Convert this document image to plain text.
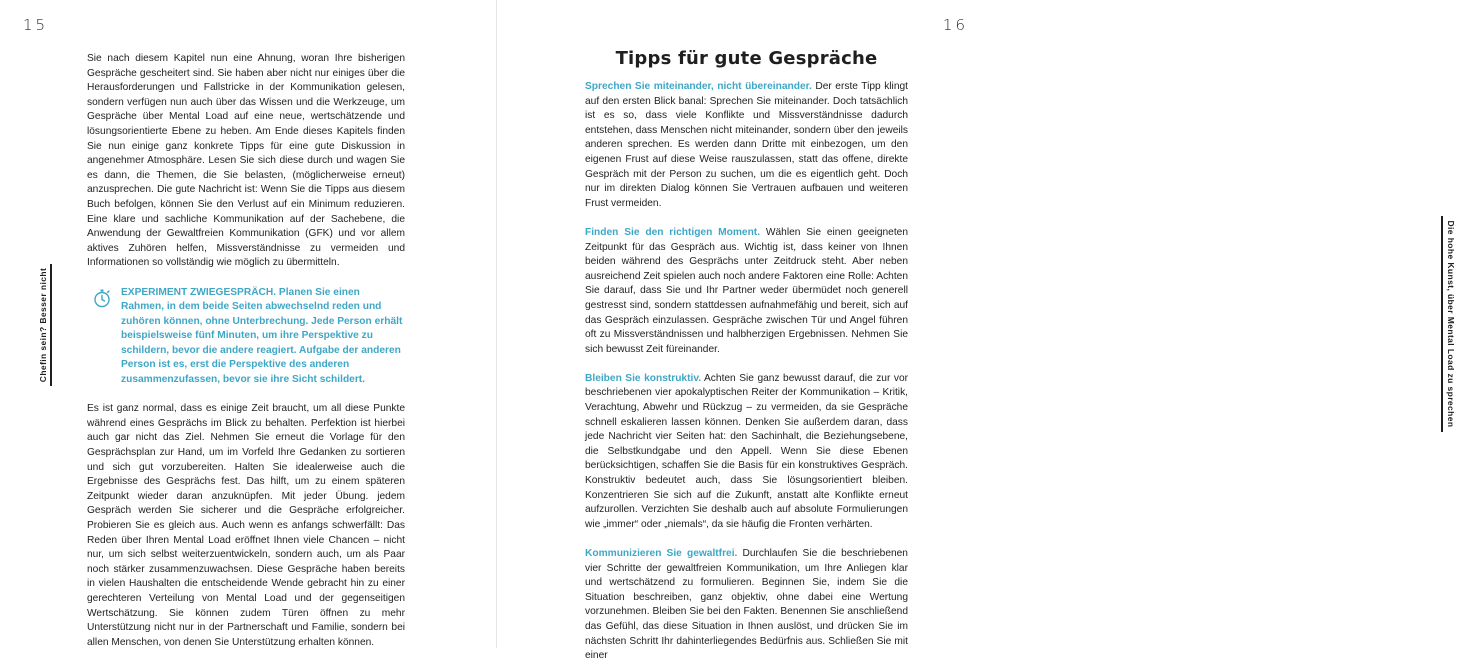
15
Chefin sein? Besser nicht

Sie nach diesem Kapitel nun eine Ahnung, woran Ihre bisherigen Gespräche gescheitert sind. Sie haben aber nicht nur einiges über die Herausforderungen und Fallstricke in der Kommunikation gelesen, sondern verfügen nun auch über das Wissen und die Werkzeuge, um Gespräche über Mental Load auf eine neue, wertschätzende und lösungsorientierte Ebene zu heben. Am Ende dieses Kapitels finden Sie nun einige ganz konkrete Tipps für eine gute Diskussion in angenehmer Atmosphäre. Lesen Sie sich diese durch und wagen Sie es dann, die Themen, die Sie belasten, (möglicherweise erneut) anzusprechen. Die gute Nachricht ist: Wenn Sie die Tipps aus diesem Buch befolgen, können Sie den Verlust auf ein Minimum reduzieren. Eine klare und sachliche Kommunikation auf der Sachebene, die Anwendung der Gewaltfreien Kommunikation (GFK) und vor allem aktives Zuhören helfen, Missverständnisse zu vermeiden und Informationen so vollständig wie möglich zu übermitteln.

EXPERIMENT ZWIEGESPRÄCH. Planen Sie einen Rahmen, in dem beide Seiten abwechselnd reden und zuhören können, ohne Unterbrechung. Jede Person erhält beispielsweise fünf Minuten, um ihre Perspektive zu schildern, bevor die andere reagiert. Aufgabe der anderen Person ist es, erst die Perspektive des anderen zusammenzufassen, bevor sie ihre Sicht schildert.

Es ist ganz normal, dass es einige Zeit braucht, um all diese Punkte während eines Gesprächs im Blick zu behalten. Perfektion ist hierbei auch gar nicht das Ziel. Nehmen Sie erneut die Vorlage für den Gesprächsplan zur Hand, um im Vorfeld Ihre Gedanken zu sortieren und sich gut vorzubereiten. Halten Sie idealerweise auch die Ergebnisse des Gesprächs fest. Das hilft, um zu einem späteren Zeitpunkt wieder daran anzuknüpfen. Mit jeder Übung. jedem Gespräch werden Sie sicherer und die Gespräche erfolgreicher. Probieren Sie es gleich aus. Auch wenn es anfangs schwerfällt: Das Reden über Ihren Mental Load eröffnet Ihnen viele Chancen – nicht nur, um sich selbst weiterzuentwickeln, sondern auch, um als Paar noch stärker zusammenzuwachsen. Diese Gespräche haben bereits in vielen Haushalten die entscheidende Wende gebracht hin zu einer gerechteren Verteilung von Mental Load und der gegenseitigen Wertschätzung. Sie können zudem Türen öffnen zu mehr Unterstützung nicht nur in der Partnerschaft und Familie, sondern bei allen Menschen, von denen Sie Unterstützung erhalten können.

16
Die hohe Kunst, über Mental Load zu sprechen
Tipps für gute Gespräche

Sprechen Sie miteinander, nicht übereinander. Der erste Tipp klingt auf den ersten Blick banal: Sprechen Sie miteinander. Doch tatsächlich ist es so, dass viele Konflikte und Missverständnisse dadurch entstehen, dass Menschen nicht miteinander, sondern über den jeweils anderen sprechen. Es werden dann Dritte mit einbezogen, um den eigenen Frust auf diese Weise rauszulassen, statt das offene, direkte Gespräch mit der Person zu suchen, um die es eigentlich geht. Doch nur im direkten Dialog können Sie Vertrauen aufbauen und weiteren Frust vermeiden.

Finden Sie den richtigen Moment. Wählen Sie einen geeigneten Zeitpunkt für das Gespräch aus. Wichtig ist, dass keiner von Ihnen beiden während des Gesprächs unter Zeitdruck steht. Aber neben ausreichend Zeit spielen auch noch andere Faktoren eine Rolle: Achten Sie darauf, dass Sie und Ihr Partner weder übermüdet noch generell gestresst sind, sondern stattdessen aufnahmefähig und bereit, sich auf das Gespräch einzulassen. Gespräche zwischen Tür und Angel führen oft zu Missverständnissen und halbherzigen Ergebnissen. Nehmen Sie sich bewusst Zeit füreinander.

Bleiben Sie konstruktiv. Achten Sie ganz bewusst darauf, die zur vor beschriebenen vier apokalyptischen Reiter der Kommunikation – Kritik, Verachtung, Abwehr und Rückzug – zu vermeiden, da sie Gespräche schnell eskalieren lassen können. Denken Sie außerdem daran, dass jede Nachricht vier Seiten hat: den Sachinhalt, die Beziehungsebene, die Selbstkundgabe und den Appell. Wenn Sie diese Ebenen berücksichtigen, schaffen Sie die Basis für ein konstruktives Gespräch. Konstruktiv bedeutet auch, dass Sie lösungsorientiert bleiben. Konzentrieren Sie sich auf die Zukunft, anstatt alte Konflikte erneut aufzurollen. Verzichten Sie deshalb auch auf absolute Formulierungen wie „immer“ oder „niemals“, da sie häufig die Fronten verhärten.

Kommunizieren Sie gewaltfrei. Durchlaufen Sie die beschriebenen vier Schritte der gewaltfreien Kommunikation, um Ihre Anliegen klar und wertschätzend zu formulieren. Beginnen Sie, indem Sie die Situation beschreiben, ganz objektiv, ohne dabei eine Wertung vorzunehmen. Bleiben Sie bei den Fakten. Benennen Sie anschließend das Gefühl, das diese Situation in Ihnen auslöst, und drücken Sie im nächsten Schritt Ihr dahinterliegendes Bedürfnis aus. Schließen Sie mit einer
